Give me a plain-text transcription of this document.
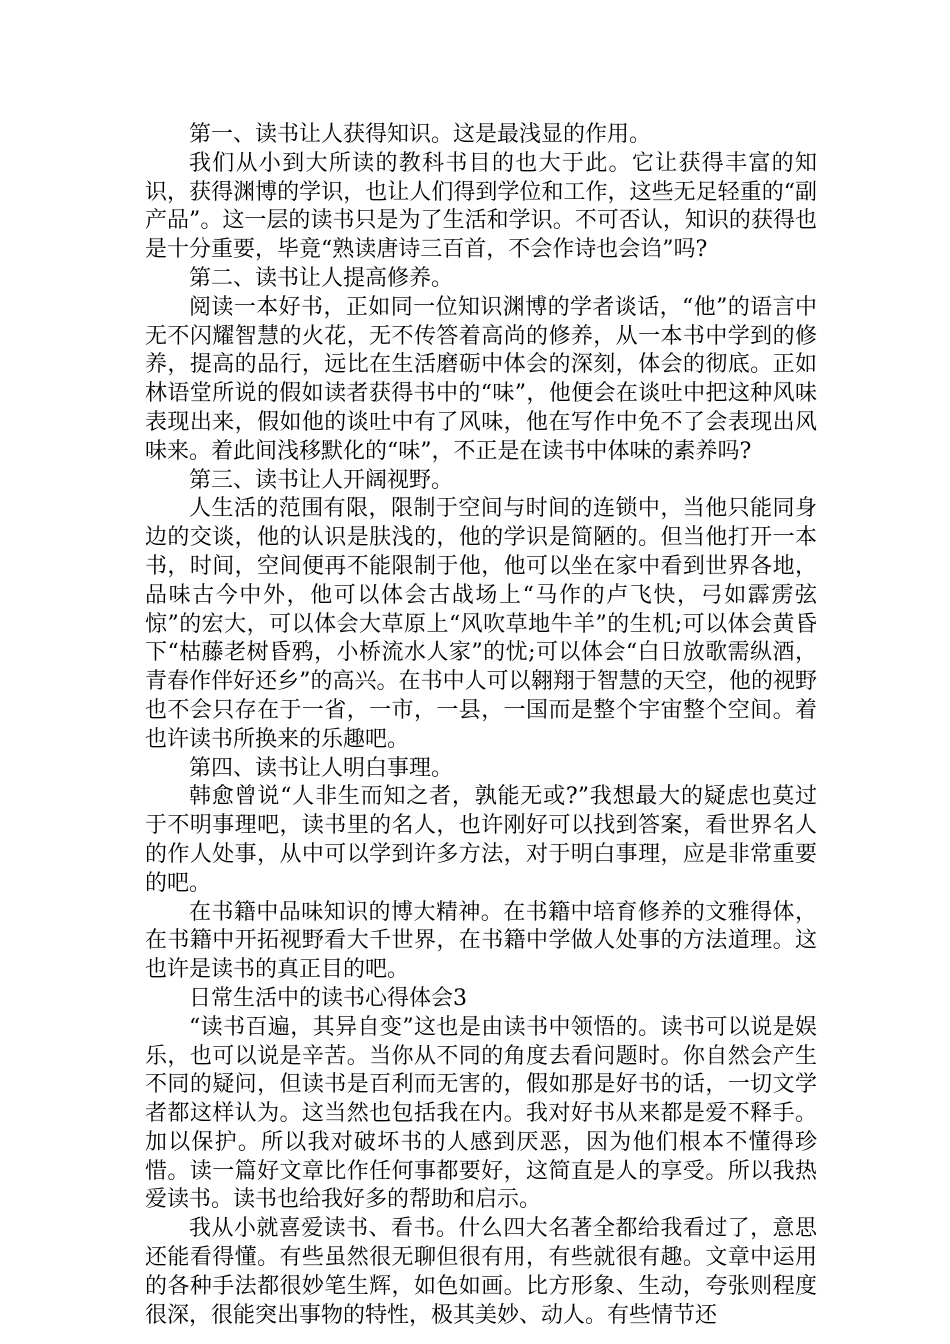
第一、读书让人获得知识。这是最浅显的作用。

我们从小到大所读的教科书目的也大于此。它让获得丰富的知识，获得渊博的学识，也让人们得到学位和工作，这些无足轻重的“副产品”。这一层的读书只是为了生活和学识。不可否认，知识的获得也是十分重要，毕竟“熟读唐诗三百首，不会作诗也会诌”吗?

第二、读书让人提高修养。

阅读一本好书，正如同一位知识渊博的学者谈话，“他”的语言中无不闪耀智慧的火花，无不传答着高尚的修养，从一本书中学到的修养，提高的品行，远比在生活磨砺中体会的深刻，体会的彻底。正如林语堂所说的假如读者获得书中的“味”，他便会在谈吐中把这种风味表现出来，假如他的谈吐中有了风味，他在写作中免不了会表现出风味来。着此间浅移默化的“味”，不正是在读书中体味的素养吗?

第三、读书让人开阔视野。

人生活的范围有限，限制于空间与时间的连锁中，当他只能同身边的交谈，他的认识是肤浅的，他的学识是简陋的。但当他打开一本书，时间，空间便再不能限制于他，他可以坐在家中看到世界各地，品味古今中外，他可以体会古战场上“马作的卢飞快，弓如霹雳弦惊”的宏大，可以体会大草原上“风吹草地牛羊”的生机;可以体会黄昏下“枯藤老树昏鸦，小桥流水人家”的忧;可以体会“白日放歌需纵酒，青春作伴好还乡”的高兴。在书中人可以翱翔于智慧的天空，他的视野也不会只存在于一省，一市，一县，一国而是整个宇宙整个空间。着也许读书所换来的乐趣吧。

第四、读书让人明白事理。

韩愈曾说“人非生而知之者，孰能无或?”我想最大的疑虑也莫过于不明事理吧，读书里的名人，也许刚好可以找到答案，看世界名人的作人处事，从中可以学到许多方法，对于明白事理，应是非常重要的吧。

在书籍中品味知识的博大精神。在书籍中培育修养的文雅得体，在书籍中开拓视野看大千世界，在书籍中学做人处事的方法道理。这也许是读书的真正目的吧。

日常生活中的读书心得体会3

“读书百遍，其异自变”这也是由读书中领悟的。读书可以说是娱乐，也可以说是辛苦。当你从不同的角度去看问题时。你自然会产生不同的疑问，但读书是百利而无害的，假如那是好书的话，一切文学者都这样认为。这当然也包括我在内。我对好书从来都是爱不释手。加以保护。所以我对破坏书的人感到厌恶，因为他们根本不懂得珍惜。读一篇好文章比作任何事都要好，这简直是人的享受。所以我热爱读书。读书也给我好多的帮助和启示。

我从小就喜爱读书、看书。什么四大名著全都给我看过了，意思还能看得懂。有些虽然很无聊但很有用，有些就很有趣。文章中运用的各种手法都很妙笔生辉，如色如画。比方形象、生动，夸张则程度很深，很能突出事物的特性，极其美妙、动人。有些情节还
